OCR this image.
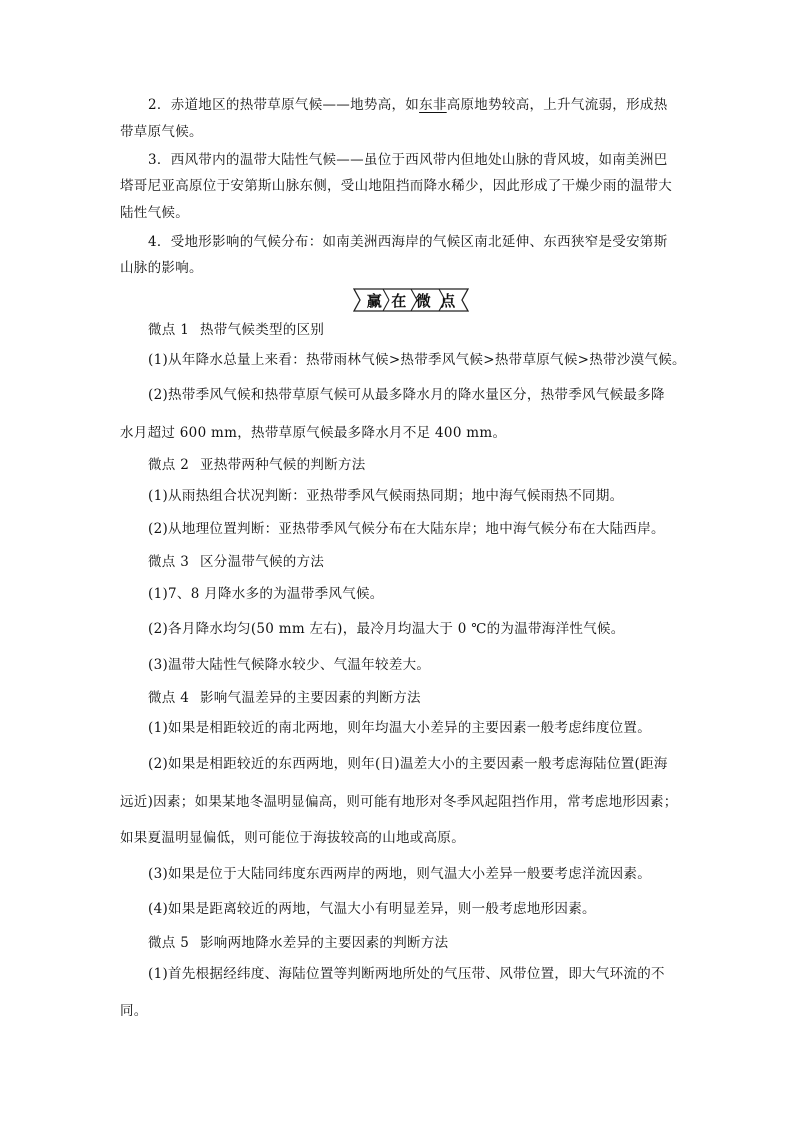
2．赤道地区的热带草原气候——地势高，如东非高原地势较高，上升气流弱，形成热
带草原气候。
3．西风带内的温带大陆性气候——虽位于西风带内但地处山脉的背风坡，如南美洲巴
塔哥尼亚高原位于安第斯山脉东侧，受山地阻挡而降水稀少，因此形成了干燥少雨的温带大
陆性气候。
4．受地形影响的气候分布：如南美洲西海岸的气候区南北延伸、东西狭窄是受安第斯
山脉的影响。
赢 在 微 点
微点 1 热带气候类型的区别
(1)从年降水总量上来看：热带雨林气候>热带季风气候>热带草原气候>热带沙漠气候。
(2)热带季风气候和热带草原气候可从最多降水月的降水量区分，热带季风气候最多降
水月超过 600 mm，热带草原气候最多降水月不足 400 mm。
微点 2 亚热带两种气候的判断方法
(1)从雨热组合状况判断：亚热带季风气候雨热同期；地中海气候雨热不同期。
(2)从地理位置判断：亚热带季风气候分布在大陆东岸；地中海气候分布在大陆西岸。
微点 3 区分温带气候的方法
(1)7、8 月降水多的为温带季风气候。
(2)各月降水均匀(50 mm 左右)，最冷月均温大于 0 ℃的为温带海洋性气候。
(3)温带大陆性气候降水较少、气温年较差大。
微点 4 影响气温差异的主要因素的判断方法
(1)如果是相距较近的南北两地，则年均温大小差异的主要因素一般考虑纬度位置。
(2)如果是相距较近的东西两地，则年(日)温差大小的主要因素一般考虑海陆位置(距海
远近)因素；如果某地冬温明显偏高，则可能有地形对冬季风起阻挡作用，常考虑地形因素；
如果夏温明显偏低，则可能位于海拔较高的山地或高原。
(3)如果是位于大陆同纬度东西两岸的两地，则气温大小差异一般要考虑洋流因素。
(4)如果是距离较近的两地，气温大小有明显差异，则一般考虑地形因素。
微点 5 影响两地降水差异的主要因素的判断方法
(1)首先根据经纬度、海陆位置等判断两地所处的气压带、风带位置，即大气环流的不
同。
